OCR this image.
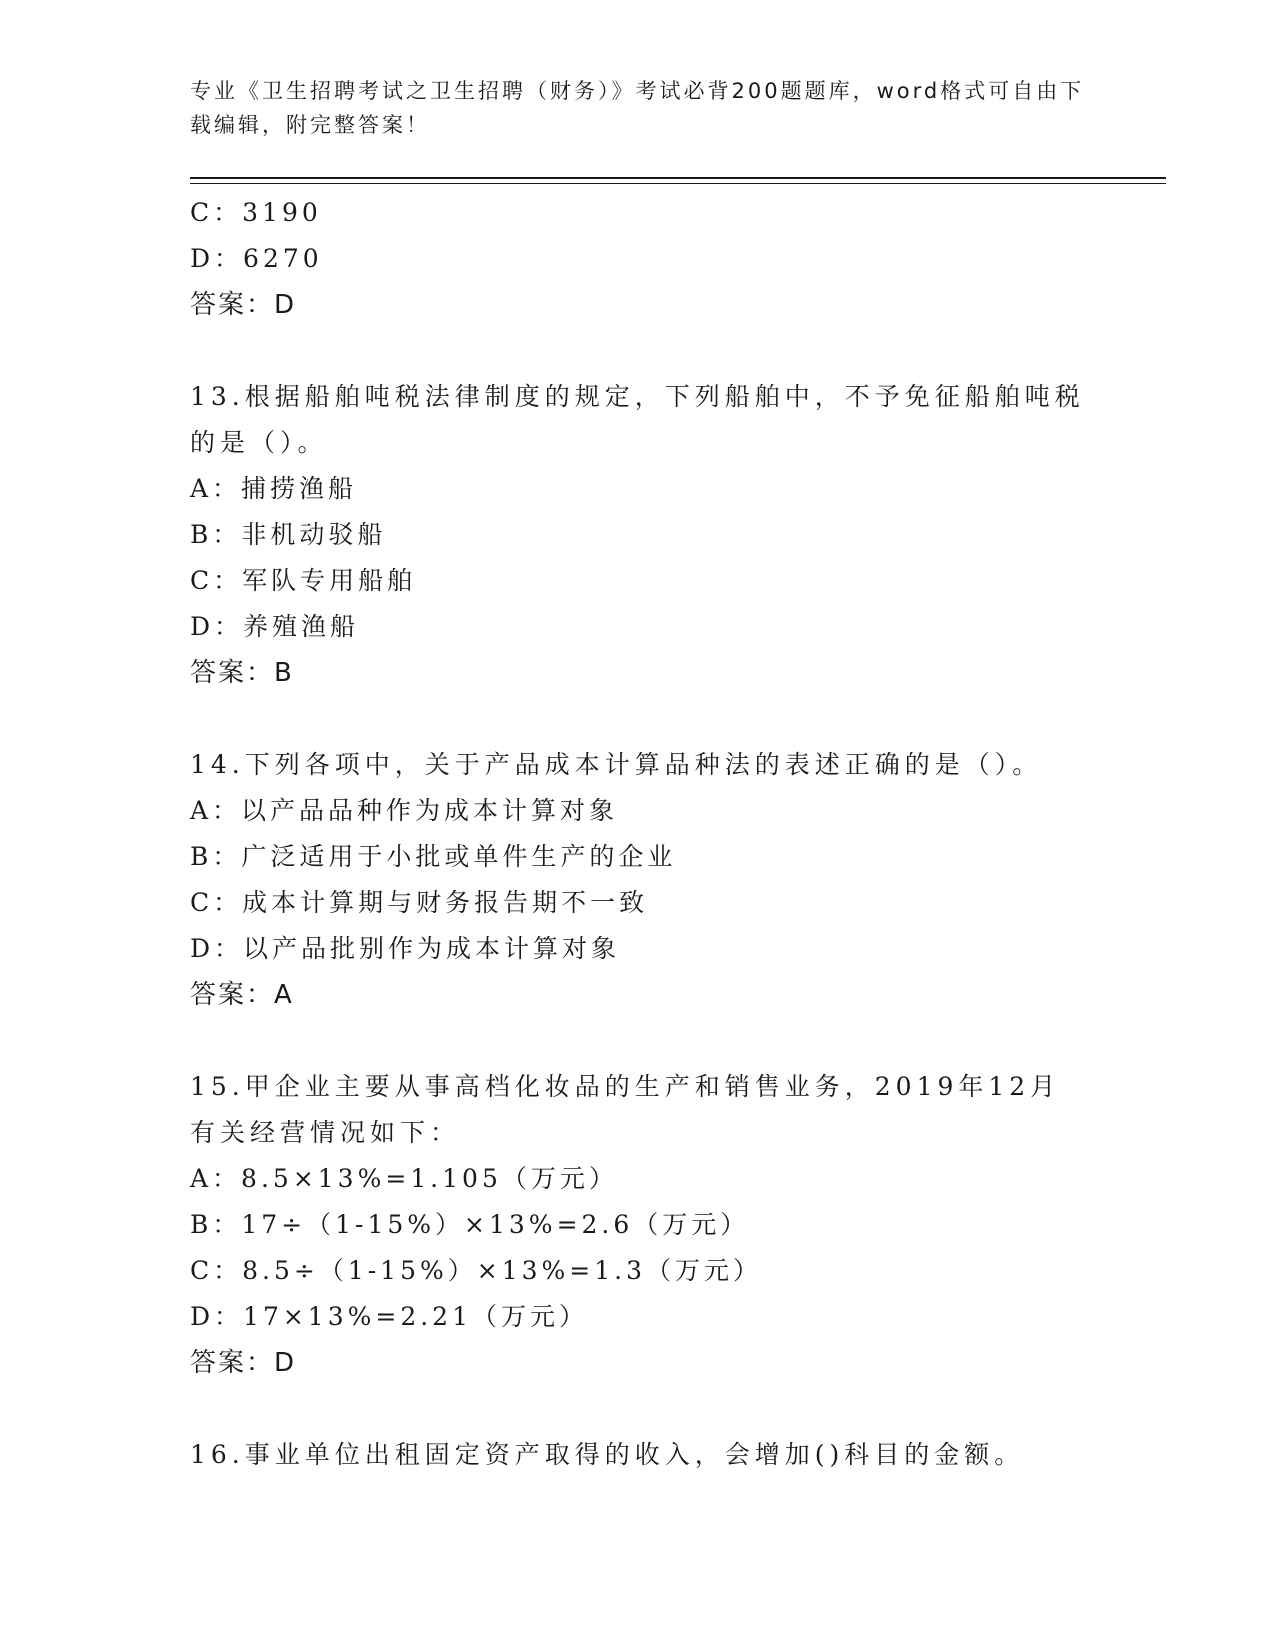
专业《卫生招聘考试之卫生招聘（财务）》考试必背200题题库，word格式可自由下载编辑，附完整答案！
C：3190
D：6270
答案：D
13.根据船舶吨税法律制度的规定，下列船舶中，不予免征船舶吨税的是（）。
A：捕捞渔船
B：非机动驳船
C：军队专用船舶
D：养殖渔船
答案：B
14.下列各项中，关于产品成本计算品种法的表述正确的是（）。
A：以产品品种作为成本计算对象
B：广泛适用于小批或单件生产的企业
C：成本计算期与财务报告期不一致
D：以产品批别作为成本计算对象
答案：A
15.甲企业主要从事高档化妆品的生产和销售业务，2019年12月有关经营情况如下：
A：8.5×13%=1.105（万元）
B：17÷（1-15%）×13%=2.6（万元）
C：8.5÷（1-15%）×13%=1.3（万元）
D：17×13%=2.21（万元）
答案：D
16.事业单位出租固定资产取得的收入，会增加()科目的金额。
